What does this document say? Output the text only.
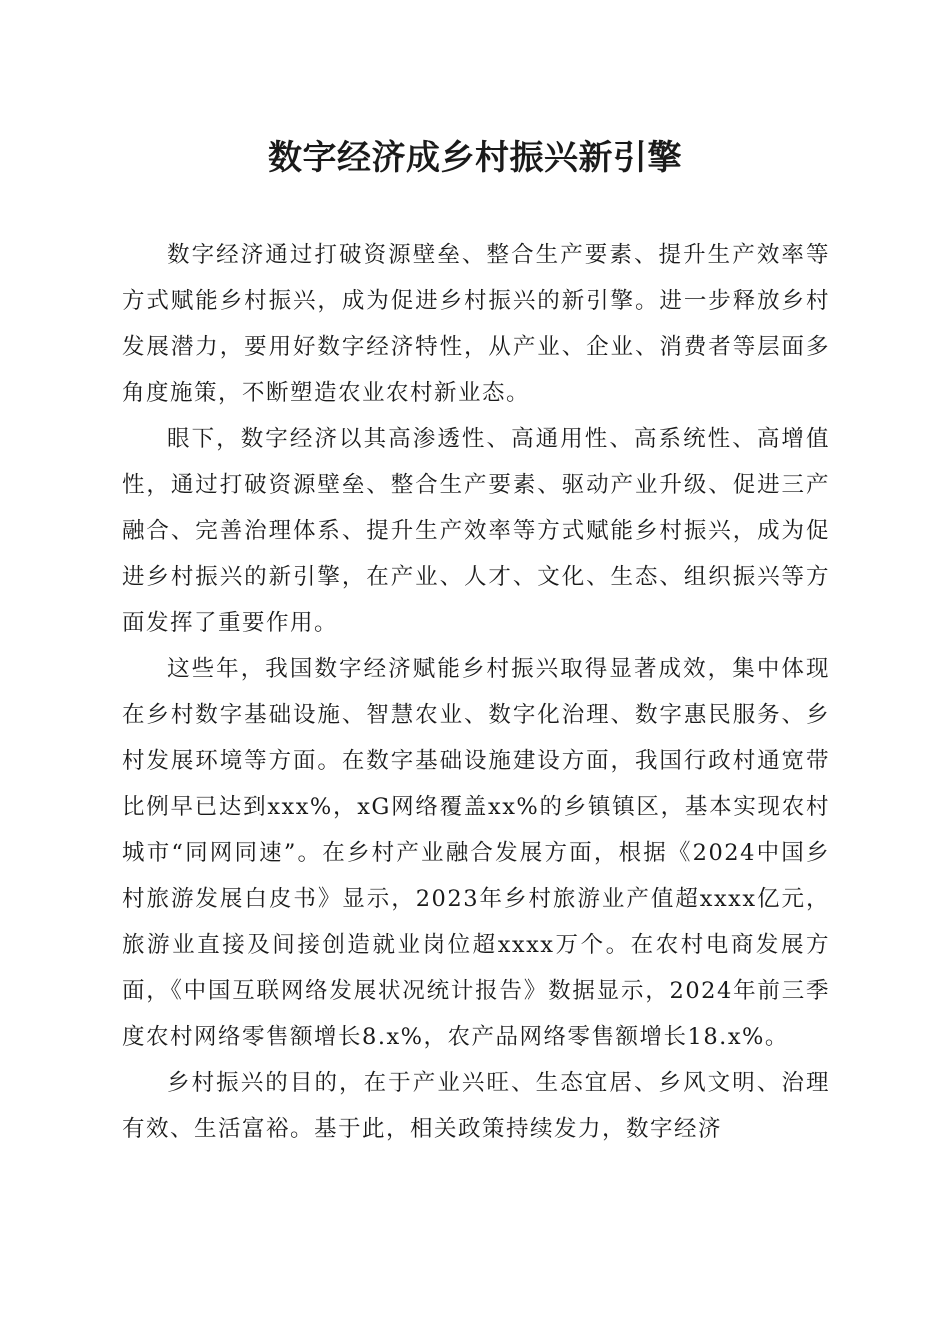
数字经济成乡村振兴新引擎

数字经济通过打破资源壁垒、整合生产要素、提升生产效率等方式赋能乡村振兴，成为促进乡村振兴的新引擎。进一步释放乡村发展潜力，要用好数字经济特性，从产业、企业、消费者等层面多角度施策，不断塑造农业农村新业态。

眼下，数字经济以其高渗透性、高通用性、高系统性、高增值性，通过打破资源壁垒、整合生产要素、驱动产业升级、促进三产融合、完善治理体系、提升生产效率等方式赋能乡村振兴，成为促进乡村振兴的新引擎，在产业、人才、文化、生态、组织振兴等方面发挥了重要作用。

这些年，我国数字经济赋能乡村振兴取得显著成效，集中体现在乡村数字基础设施、智慧农业、数字化治理、数字惠民服务、乡村发展环境等方面。在数字基础设施建设方面，我国行政村通宽带比例早已达到xxx%，xG网络覆盖xx%的乡镇镇区，基本实现农村城市“同网同速”。在乡村产业融合发展方面，根据《2024中国乡村旅游发展白皮书》显示，2023年乡村旅游业产值超xxxx亿元，旅游业直接及间接创造就业岗位超xxxx万个。在农村电商发展方面，《中国互联网络发展状况统计报告》数据显示，2024年前三季度农村网络零售额增长8.x%，农产品网络零售额增长18.x%。

乡村振兴的目的，在于产业兴旺、生态宜居、乡风文明、治理有效、生活富裕。基于此，相关政策持续发力，数字经济
